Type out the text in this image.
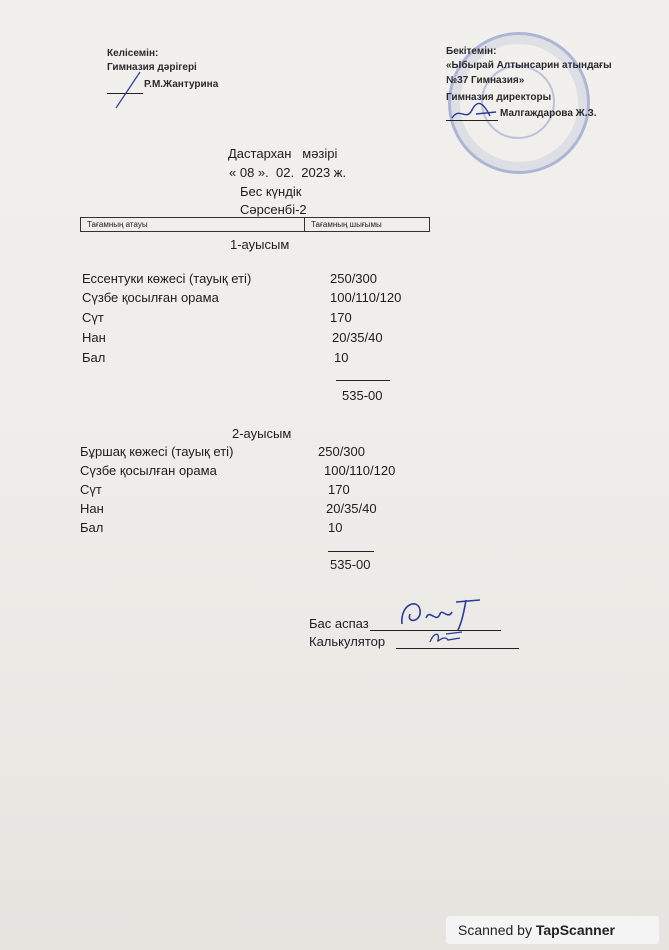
Келісемін:
Гимназия дәрігері
Р.М.Жантурина
Бекітемін:
«Ыбырай Алтынсарин атындағы
№37 Гимназия»
Гимназия директоры
Малгаждарова Ж.З.
Дастархан   мәзірі
« 08 ».  02.  2023 ж.
Бес күндік
Сәрсенбі-2
Тағамның атауы	Тағамның шығымы
1-ауысым
Ессентуки көжесі (тауық еті)	250/300
Сүзбе қосылған орама	100/110/120
Сүт	170
Нан	20/35/40
Бал	10
535-00
2-ауысым
Бұршақ көжесі (тауық еті)	250/300
Сүзбе қосылған орама	100/110/120
Сүт	170
Нан	20/35/40
Бал	10
535-00
Бас аспаз
Калькулятор
Scanned by TapScanner
